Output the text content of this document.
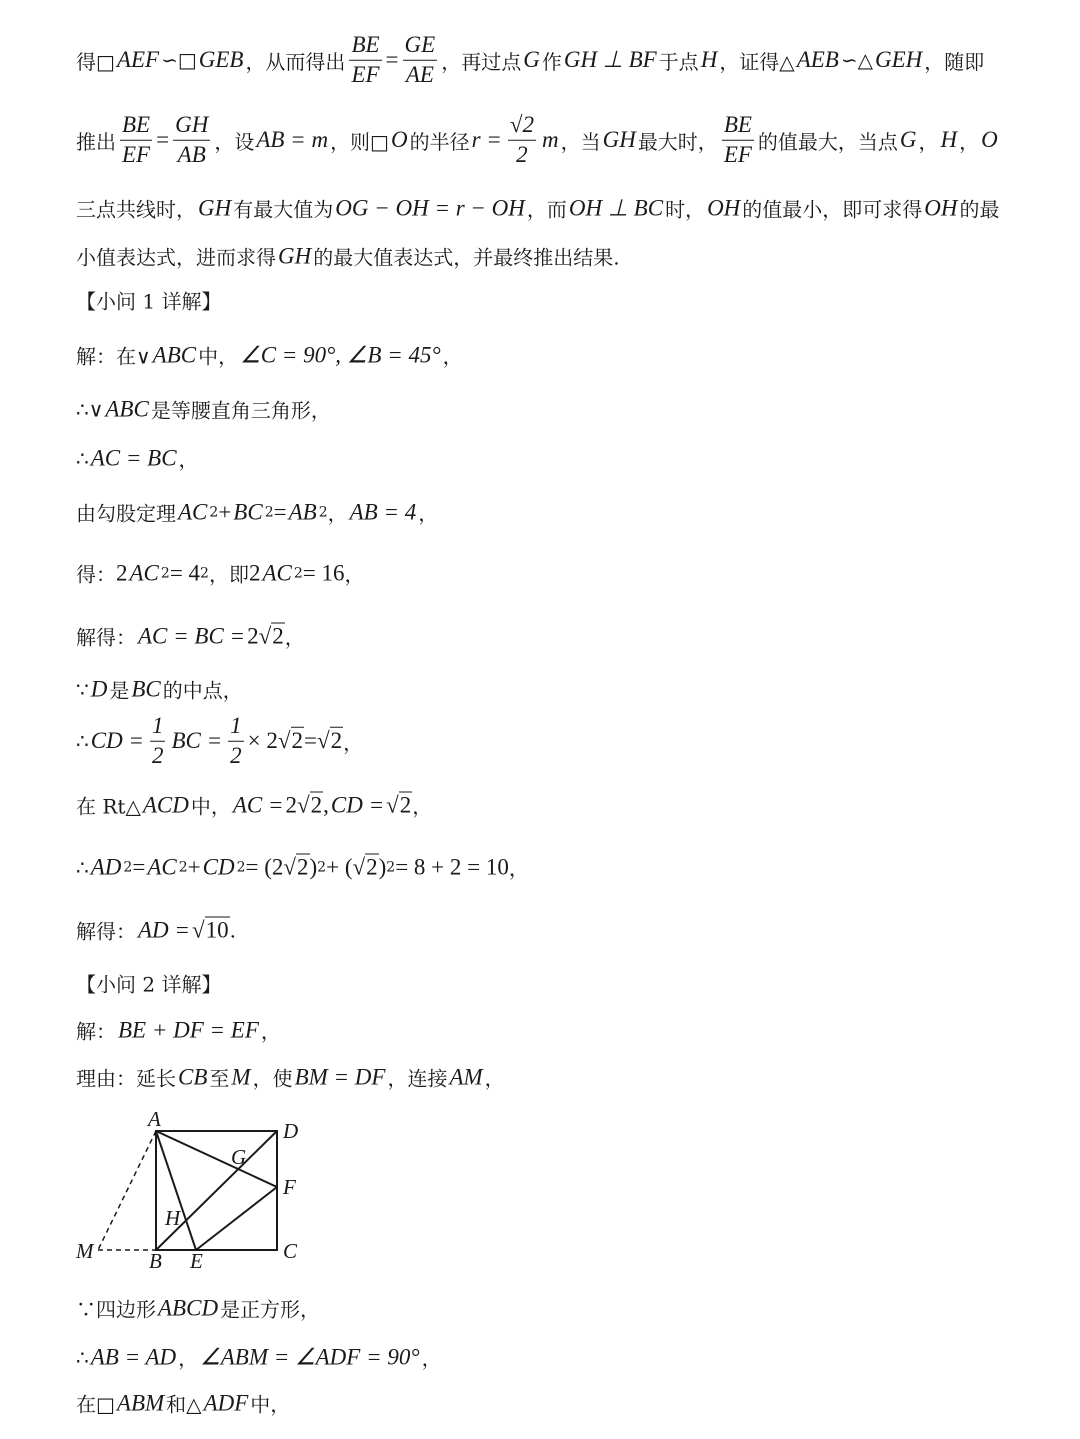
A	D
G
F
H
M	C
B E
得□ AEF ∽□ GEB ，从而得出 $\frac{BE}{EF} = \frac{GE}{AE}$ ，再过点 G 作 GH ⊥ BF 于点 H ，证得△ AEB ∽△ GEH ，随即
推出 $\frac{BE}{EF} = \frac{GH}{AB}$ ，设 AB = m ，则□ O 的半径 $r = \frac{√2}{2}$ m ，当 GH 最大时， $\frac{BE}{EF}$ 的值最大，当点 G ， H ， O
三点共线时， GH 有最大值为 OG − OH = r − OH ，而 OH ⊥ BC 时， OH 的值最小，即可求得 OH 的最
小值表达式，进而求得 GH 的最大值表达式，并最终推出结果.
【小问 1 详解】
解：在∨ ABC 中， ∠C = 90°, ∠B = 45° ，
∴∨ ABC 是等腰直角三角形，
∴ AC = BC ，
由勾股定理 AC 2 + BC 2 = AB 2 ， AB = 4 ，
得： 2 AC 2 = 4 2 ，即 2 AC 2 = 16 ，
解得： AC = BC = 2 √2 ，
∵ D 是 BC 的中点，
∴ CD = $\frac{1}{2}$ BC = $\frac{1}{2} \times 2$ √2 = √2 ，
在 Rt△ ACD 中， AC = 2 √2 , CD = √2 ，
∴ AD 2 = AC 2 + CD 2 = (2 √2 ) 2 + ( √2 ) 2 = 8 + 2 = 10 ，
解得： AD = √10 .
【小问 2 详解】
解： BE + DF = EF ，
理由：延长 CB 至 M ，使 BM = DF ，连接 AM ，
∵四边形 ABCD 是正方形，
∴ AB = AD ， ∠ABM = ∠ADF = 90° ，
在□ ABM 和△ ADF 中，
